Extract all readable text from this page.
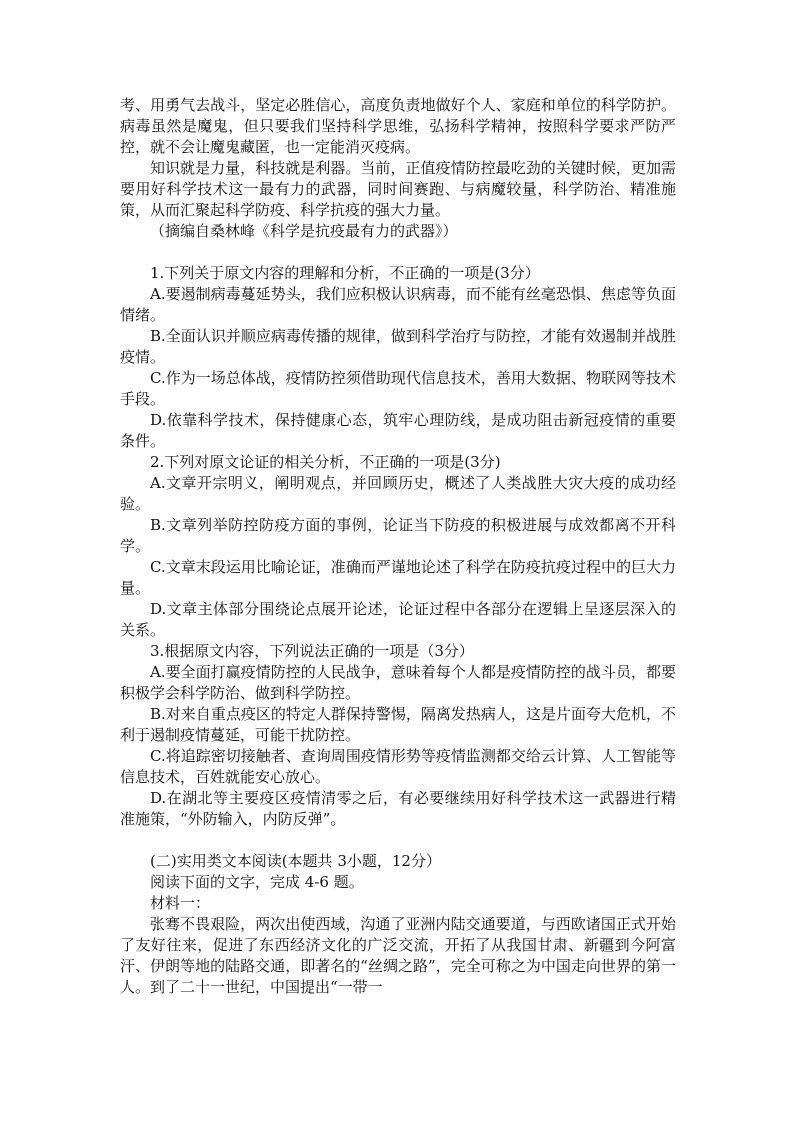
考、用勇气去战斗，坚定必胜信心，高度负责地做好个人、家庭和单位的科学防护。病毒虽然是魔鬼，但只要我们坚持科学思维，弘扬科学精神，按照科学要求严防严控，就不会让魔鬼藏匿，也一定能消灭疫病。

知识就是力量，科技就是利器。当前，正值疫情防控最吃劲的关键时候，更加需要用好科学技术这一最有力的武器，同时间赛跑、与病魔较量，科学防治、精准施策，从而汇聚起科学防疫、科学抗疫的强大力量。

（摘编自桑林峰《科学是抗疫最有力的武器》）

1.下列关于原文内容的理解和分析，不正确的一项是(3分）

A.要遏制病毒蔓延势头，我们应积极认识病毒，而不能有丝毫恐惧、焦虑等负面情绪。

B.全面认识并顺应病毒传播的规律，做到科学治疗与防控，才能有效遏制并战胜疫情。

C.作为一场总体战，疫情防控须借助现代信息技术，善用大数据、物联网等技术手段。

D.依靠科学技术，保持健康心态，筑牢心理防线，是成功阻击新冠疫情的重要条件。

2.下列对原文论证的相关分析，不正确的一项是(3分)

A.文章开宗明义，阐明观点，并回顾历史，概述了人类战胜大灾大疫的成功经验。

B.文章列举防控防疫方面的事例，论证当下防疫的积极进展与成效都离不开科学。

C.文章末段运用比喻论证，准确而严谨地论述了科学在防疫抗疫过程中的巨大力量。

D.文章主体部分围绕论点展开论述，论证过程中各部分在逻辑上呈逐层深入的关系。

3.根据原文内容，下列说法正确的一项是（3分）

A.要全面打赢疫情防控的人民战争，意味着每个人都是疫情防控的战斗员，都要积极学会科学防治、做到科学防控。

B.对来自重点疫区的特定人群保持警惕，隔离发热病人，这是片面夸大危机，不利于遏制疫情蔓延，可能干扰防控。

C.将追踪密切接触者、查询周围疫情形势等疫情监测都交给云计算、人工智能等信息技术，百姓就能安心放心。

D.在湖北等主要疫区疫情清零之后，有必要继续用好科学技术这一武器进行精准施策，“外防输入，内防反弹”。

(二)实用类文本阅读(本题共 3小题，12分）

阅读下面的文字，完成 4-6 题。

材料一：

张骞不畏艰险，两次出使西域，沟通了亚洲内陆交通要道，与西欧诸国正式开始了友好往来，促进了东西经济文化的广泛交流，开拓了从我国甘肃、新疆到今阿富汗、伊朗等地的陆路交通，即著名的“丝绸之路”，完全可称之为中国走向世界的第一人。到了二十一世纪，中国提出“一带一
